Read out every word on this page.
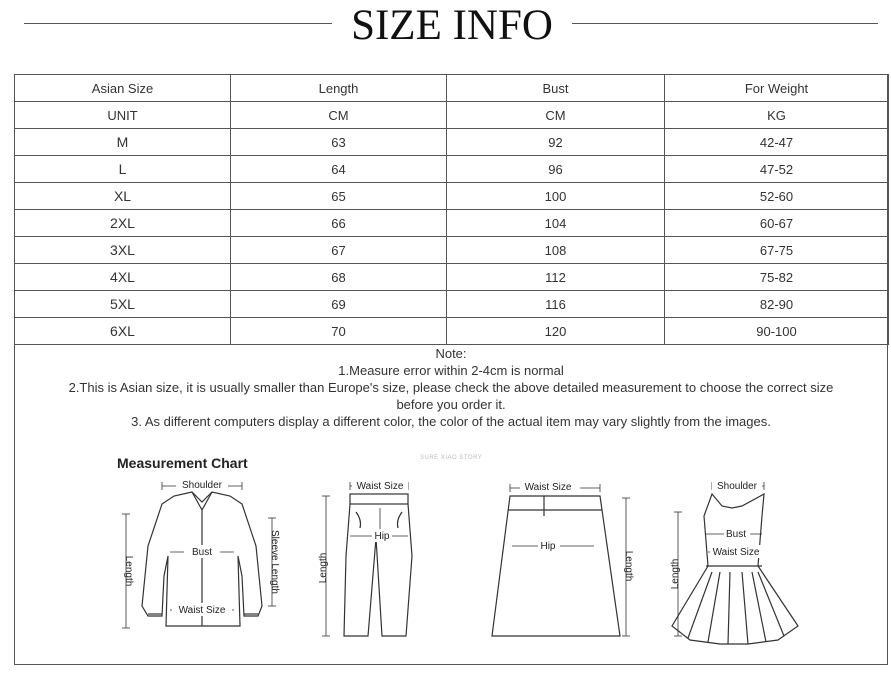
SIZE INFO
Asian Size	Length	Bust	For Weight
UNIT	CM	CM	KG
M	63	92	42-47
L	64	96	47-52
XL	65	100	52-60
2XL	66	104	60-67
3XL	67	108	67-75
4XL	68	112	75-82
5XL	69	116	82-90
6XL	70	120	90-100
Note:
1.Measure error within 2-4cm is normal
2.This is Asian size, it is usually smaller than Europe's size, please check the above detailed measurement to choose the correct size
before you order it.
3. As different computers display a different color, the color of the actual item may vary slightly from the images.
Measurement Chart	SURE XIAO STORY
Shoulder
Bust
Waist Size
Length	Sleeve Length
Waist Size
Hip
Length
Waist Size
Hip
Length
Shoulder
Bust
Waist Size
Length
